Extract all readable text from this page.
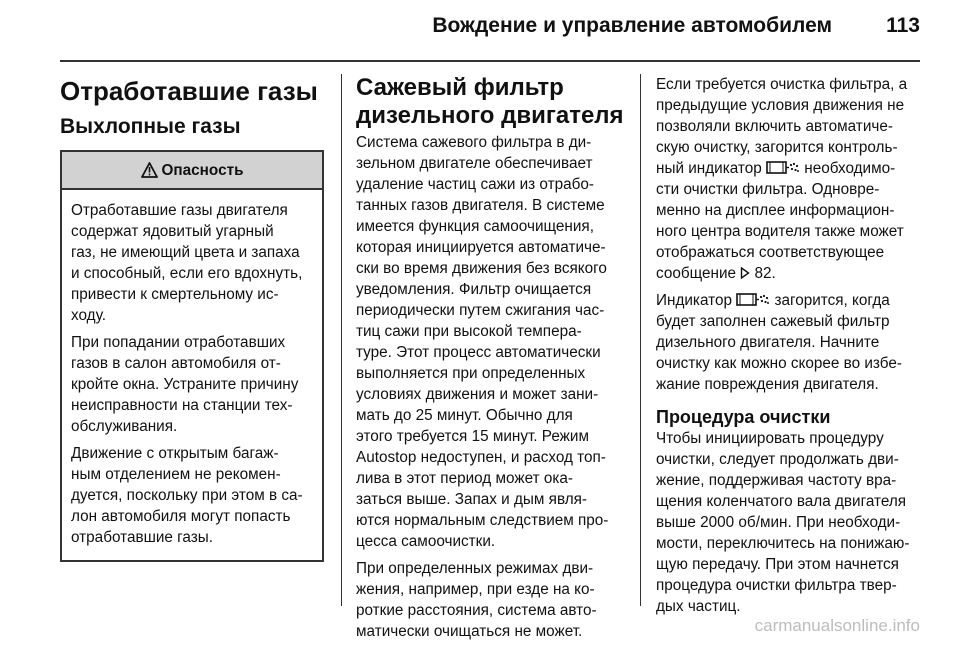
Вождение и управление автомобилем	113
Отработавшие газы
Выхлопные газы
Опасность

Отработавшие газы двигателя
содержат ядовитый угарный
газ, не имеющий цвета и запаха
и способный, если его вдохнуть,
привести к смертельному ис-
ходу.

При попадании отработавших
газов в салон автомобиля от-
кройте окна. Устраните причину
неисправности на станции тех-
обслуживания.

Движение с открытым багаж-
ным отделением не рекомен-
дуется, поскольку при этом в са-
лон автомобиля могут попасть
отработавшие газы.

Сажевый фильтр
дизельного двигателя

Система сажевого фильтра в ди-
зельном двигателе обеспечивает
удаление частиц сажи из отрабо-
танных газов двигателя. В системе
имеется функция самоочищения,
которая инициируется автоматиче-
ски во время движения без всякого
уведомления. Фильтр очищается
периодически путем сжигания час-
тиц сажи при высокой темпера-
туре. Этот процесс автоматически
выполняется при определенных
условиях движения и может зани-
мать до 25 минут. Обычно для
этого требуется 15 минут. Режим
Autostop недоступен, и расход топ-
лива в этот период может ока-
заться выше. Запах и дым явля-
ются нормальным следствием про-
цесса самоочистки.

При определенных режимах дви-
жения, например, при езде на ко-
роткие расстояния, система авто-
матически очищаться не может.

Если требуется очистка фильтра, а
предыдущие условия движения не
позволяли включить автоматиче-
скую очистку, загорится контроль-
ный индикатор	необходимо-
сти очистки фильтра. Одновре-
менно на дисплее информацион-
ного центра водителя также может
отображаться соответствующее
сообщение  82.

Индикатор  загорится, когда
будет заполнен сажевый фильтр
дизельного двигателя. Начните
очистку как можно скорее во избе-
жание повреждения двигателя.

Процедура очистки

Чтобы инициировать процедуру
очистки, следует продолжать дви-
жение, поддерживая частоту вра-
щения коленчатого вала двигателя
выше 2000 об/мин. При необходи-
мости, переключитесь на понижаю-
щую передачу. При этом начнется
процедура очистки фильтра твер-
дых частиц.

carmanualsonline.info
